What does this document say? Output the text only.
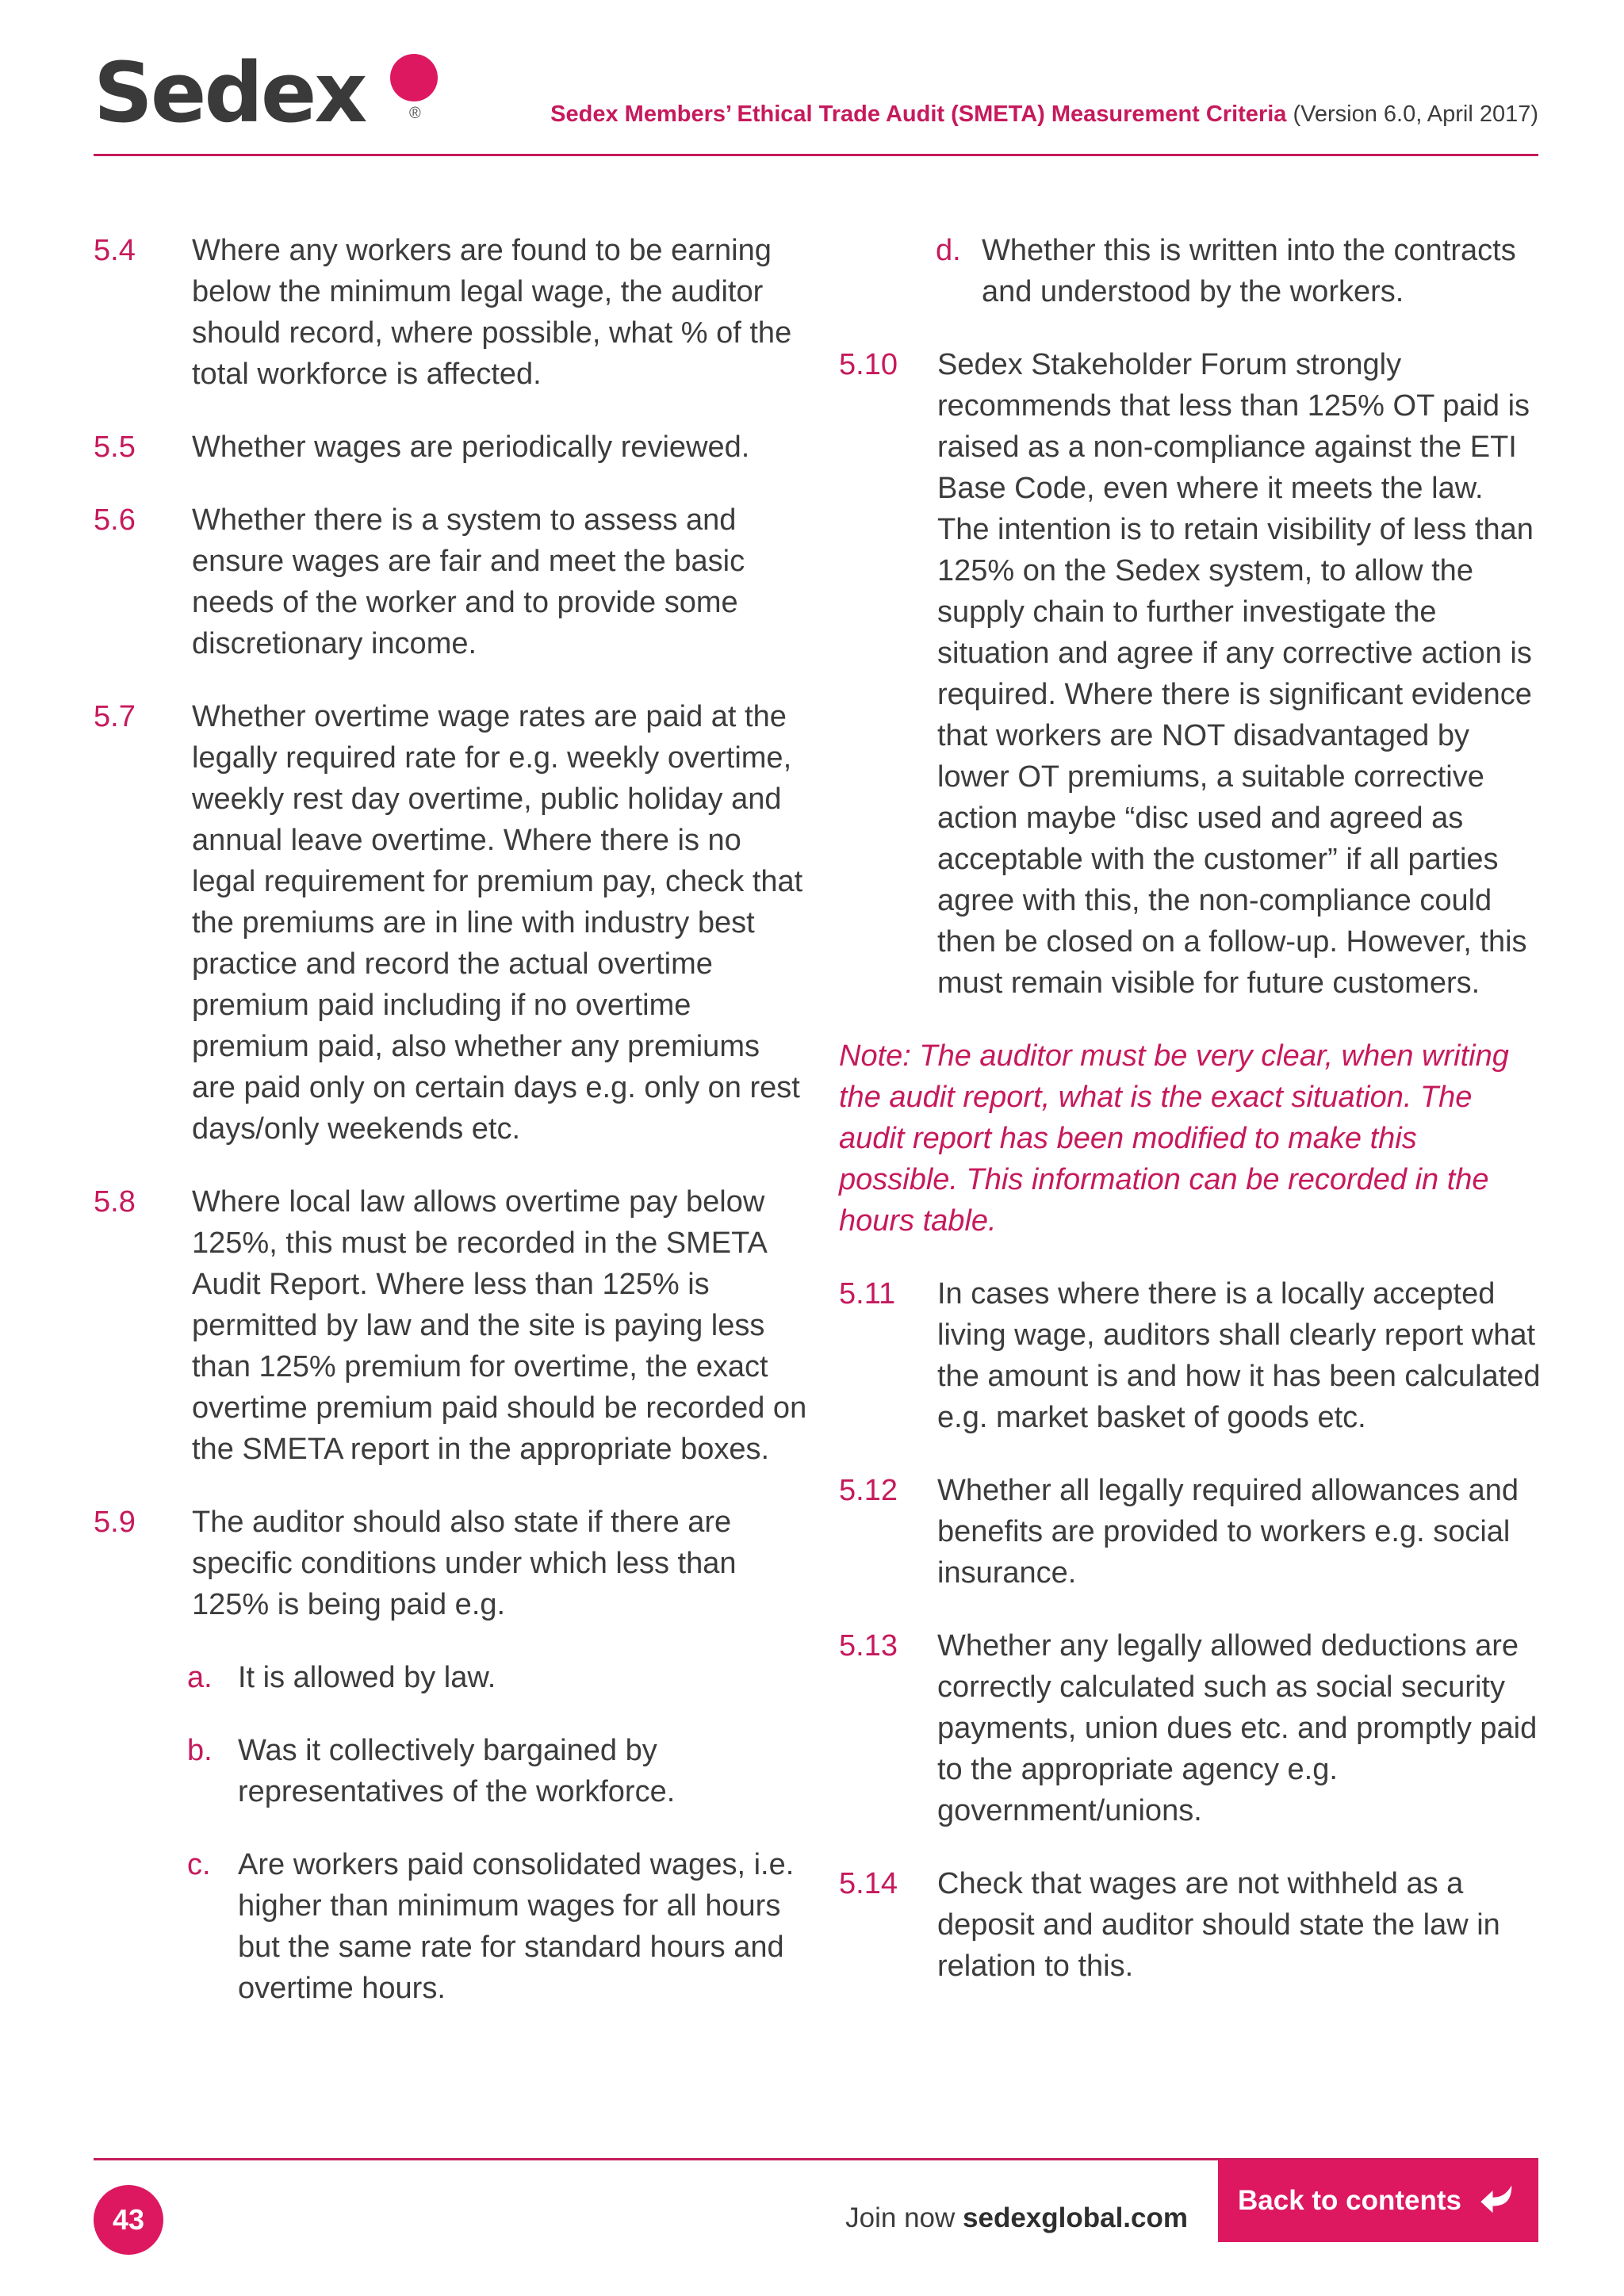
Sedex	®	Sedex Members’ Ethical Trade Audit (SMETA) Measurement Criteria (Version 6.0, April 2017)
5.4 Where any workers are found to be earning below the minimum legal wage, the auditor should record, where possible, what % of the total workforce is affected.
5.5 Whether wages are periodically reviewed.
5.6 Whether there is a system to assess and ensure wages are fair and meet the basic needs of the worker and to provide some discretionary income.
5.7 Whether overtime wage rates are paid at the legally required rate for e.g. weekly overtime, weekly rest day overtime, public holiday and annual leave overtime. Where there is no legal requirement for premium pay, check that the premiums are in line with industry best practice and record the actual overtime premium paid including if no overtime premium paid, also whether any premiums are paid only on certain days e.g. only on rest days/only weekends etc.
5.8 Where local law allows overtime pay below 125%, this must be recorded in the SMETA Audit Report. Where less than 125% is permitted by law and the site is paying less than 125% premium for overtime, the exact overtime premium paid should be recorded on the SMETA report in the appropriate boxes.
5.9 The auditor should also state if there are specific conditions under which less than 125% is being paid e.g.
a. It is allowed by law.
b. Was it collectively bargained by representatives of the workforce.
c. Are workers paid consolidated wages, i.e. higher than minimum wages for all hours but the same rate for standard hours and overtime hours.
d. Whether this is written into the contracts and understood by the workers.
5.10 Sedex Stakeholder Forum strongly recommends that less than 125% OT paid is raised as a non-compliance against the ETI Base Code, even where it meets the law. The intention is to retain visibility of less than 125% on the Sedex system, to allow the supply chain to further investigate the situation and agree if any corrective action is required. Where there is significant evidence that workers are NOT disadvantaged by lower OT premiums, a suitable corrective action maybe “disc used and agreed as acceptable with the customer” if all parties agree with this, the non-compliance could then be closed on a follow-up. However, this must remain visible for future customers.
Note: The auditor must be very clear, when writing the audit report, what is the exact situation. The audit report has been modified to make this possible. This information can be recorded in the hours table.
5.11 In cases where there is a locally accepted living wage, auditors shall clearly report what the amount is and how it has been calculated e.g. market basket of goods etc.
5.12 Whether all legally required allowances and benefits are provided to workers e.g. social insurance.
5.13 Whether any legally allowed deductions are correctly calculated such as social security payments, union dues etc. and promptly paid to the appropriate agency e.g. government/unions.
5.14 Check that wages are not withheld as a deposit and auditor should state the law in relation to this.
43	Join now sedexglobal.com
Back to contents
